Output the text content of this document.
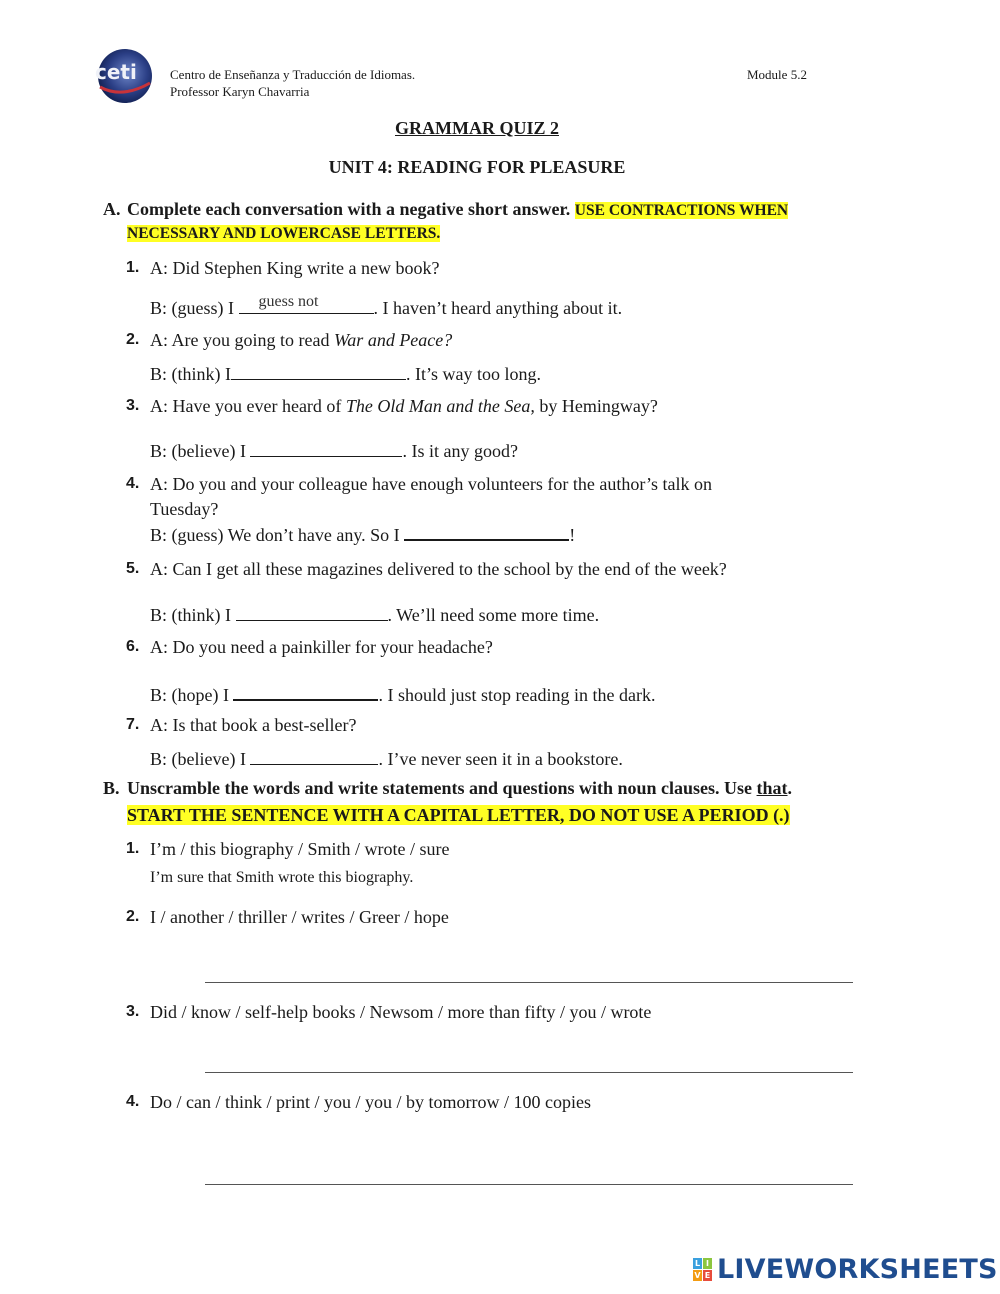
ceti	Centro de Enseñanza y Traducción de Idiomas.
Professor Karyn Chavarria
Module 5.2
GRAMMAR QUIZ 2
UNIT 4: READING FOR PLEASURE
A. Complete each conversation with a negative short answer. USE CONTRACTIONS WHEN
NECESSARY AND LOWERCASE LETTERS.
1. A: Did Stephen King write a new book?
B: (guess) I guess not	. I haven’t heard anything about it.
2. A: Are you going to read War and Peace?
B: (think) I	. It’s way too long.
3. A: Have you ever heard of The Old Man and the Sea, by Hemingway?
B: (believe) I	. Is it any good?
4. A: Do you and your colleague have enough volunteers for the author’s talk on
Tuesday?
B: (guess) We don’t have any. So I	!
5. A: Can I get all these magazines delivered to the school by the end of the week?
B: (think) I	. We’ll need some more time.
6. A: Do you need a painkiller for your headache?
B: (hope) I	. I should just stop reading in the dark.
7. A: Is that book a best-seller?
B: (believe) I	. I’ve never seen it in a bookstore.
B. Unscramble the words and write statements and questions with noun clauses. Use that.
START THE SENTENCE WITH A CAPITAL LETTER, DO NOT USE A PERIOD (.)
1. I’m / this biography / Smith / wrote / sure
I’m sure that Smith wrote this biography.
2. I / another / thriller / writes / Greer / hope
3. Did / know / self-help books / Newsom / more than fifty / you / wrote
4. Do / can / think / print / you / you / by tomorrow / 100 copies
L I
V E LIVEWORKSHEETS
